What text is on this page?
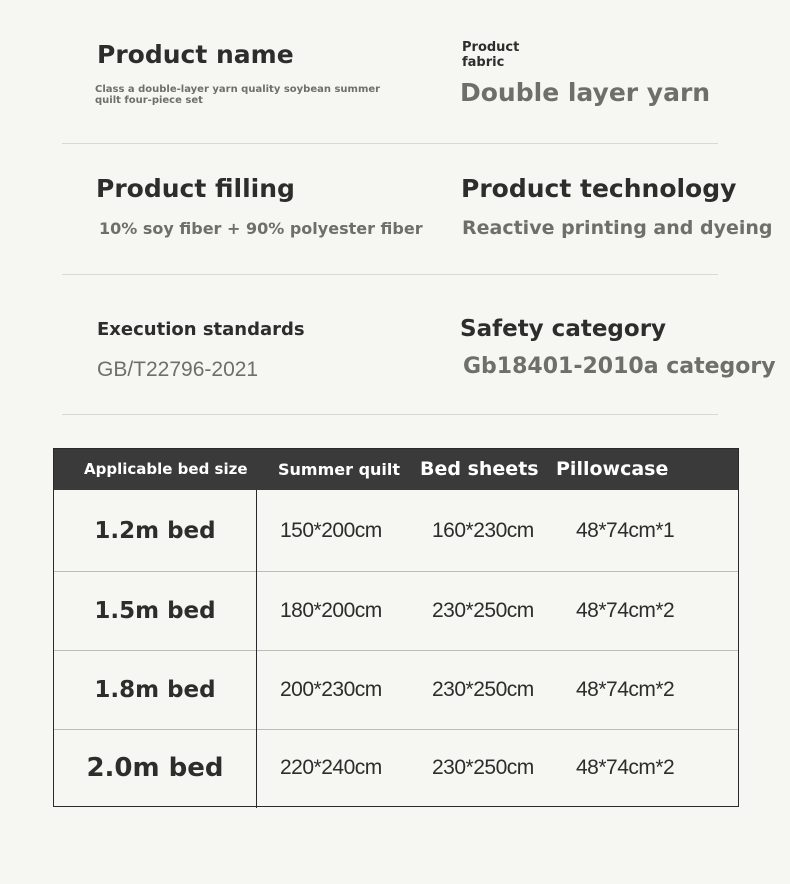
Product name
Class a double-layer yarn quality soybean summer quilt four-piece set
Product fabric
Double layer yarn
Product filling
10% soy fiber + 90% polyester fiber
Product technology
Reactive printing and dyeing
Execution standards
GB/T22796-2021
Safety category
Gb18401-2010a category
Applicable bed size Summer quilt Bed sheets Pillowcase
1.2m bed	150*200cm 160*230cm 48*74cm*1
1.5m bed	180*200cm 230*250cm 48*74cm*2
1.8m bed	200*230cm 230*250cm 48*74cm*2
2.0m bed	220*240cm 230*250cm 48*74cm*2
